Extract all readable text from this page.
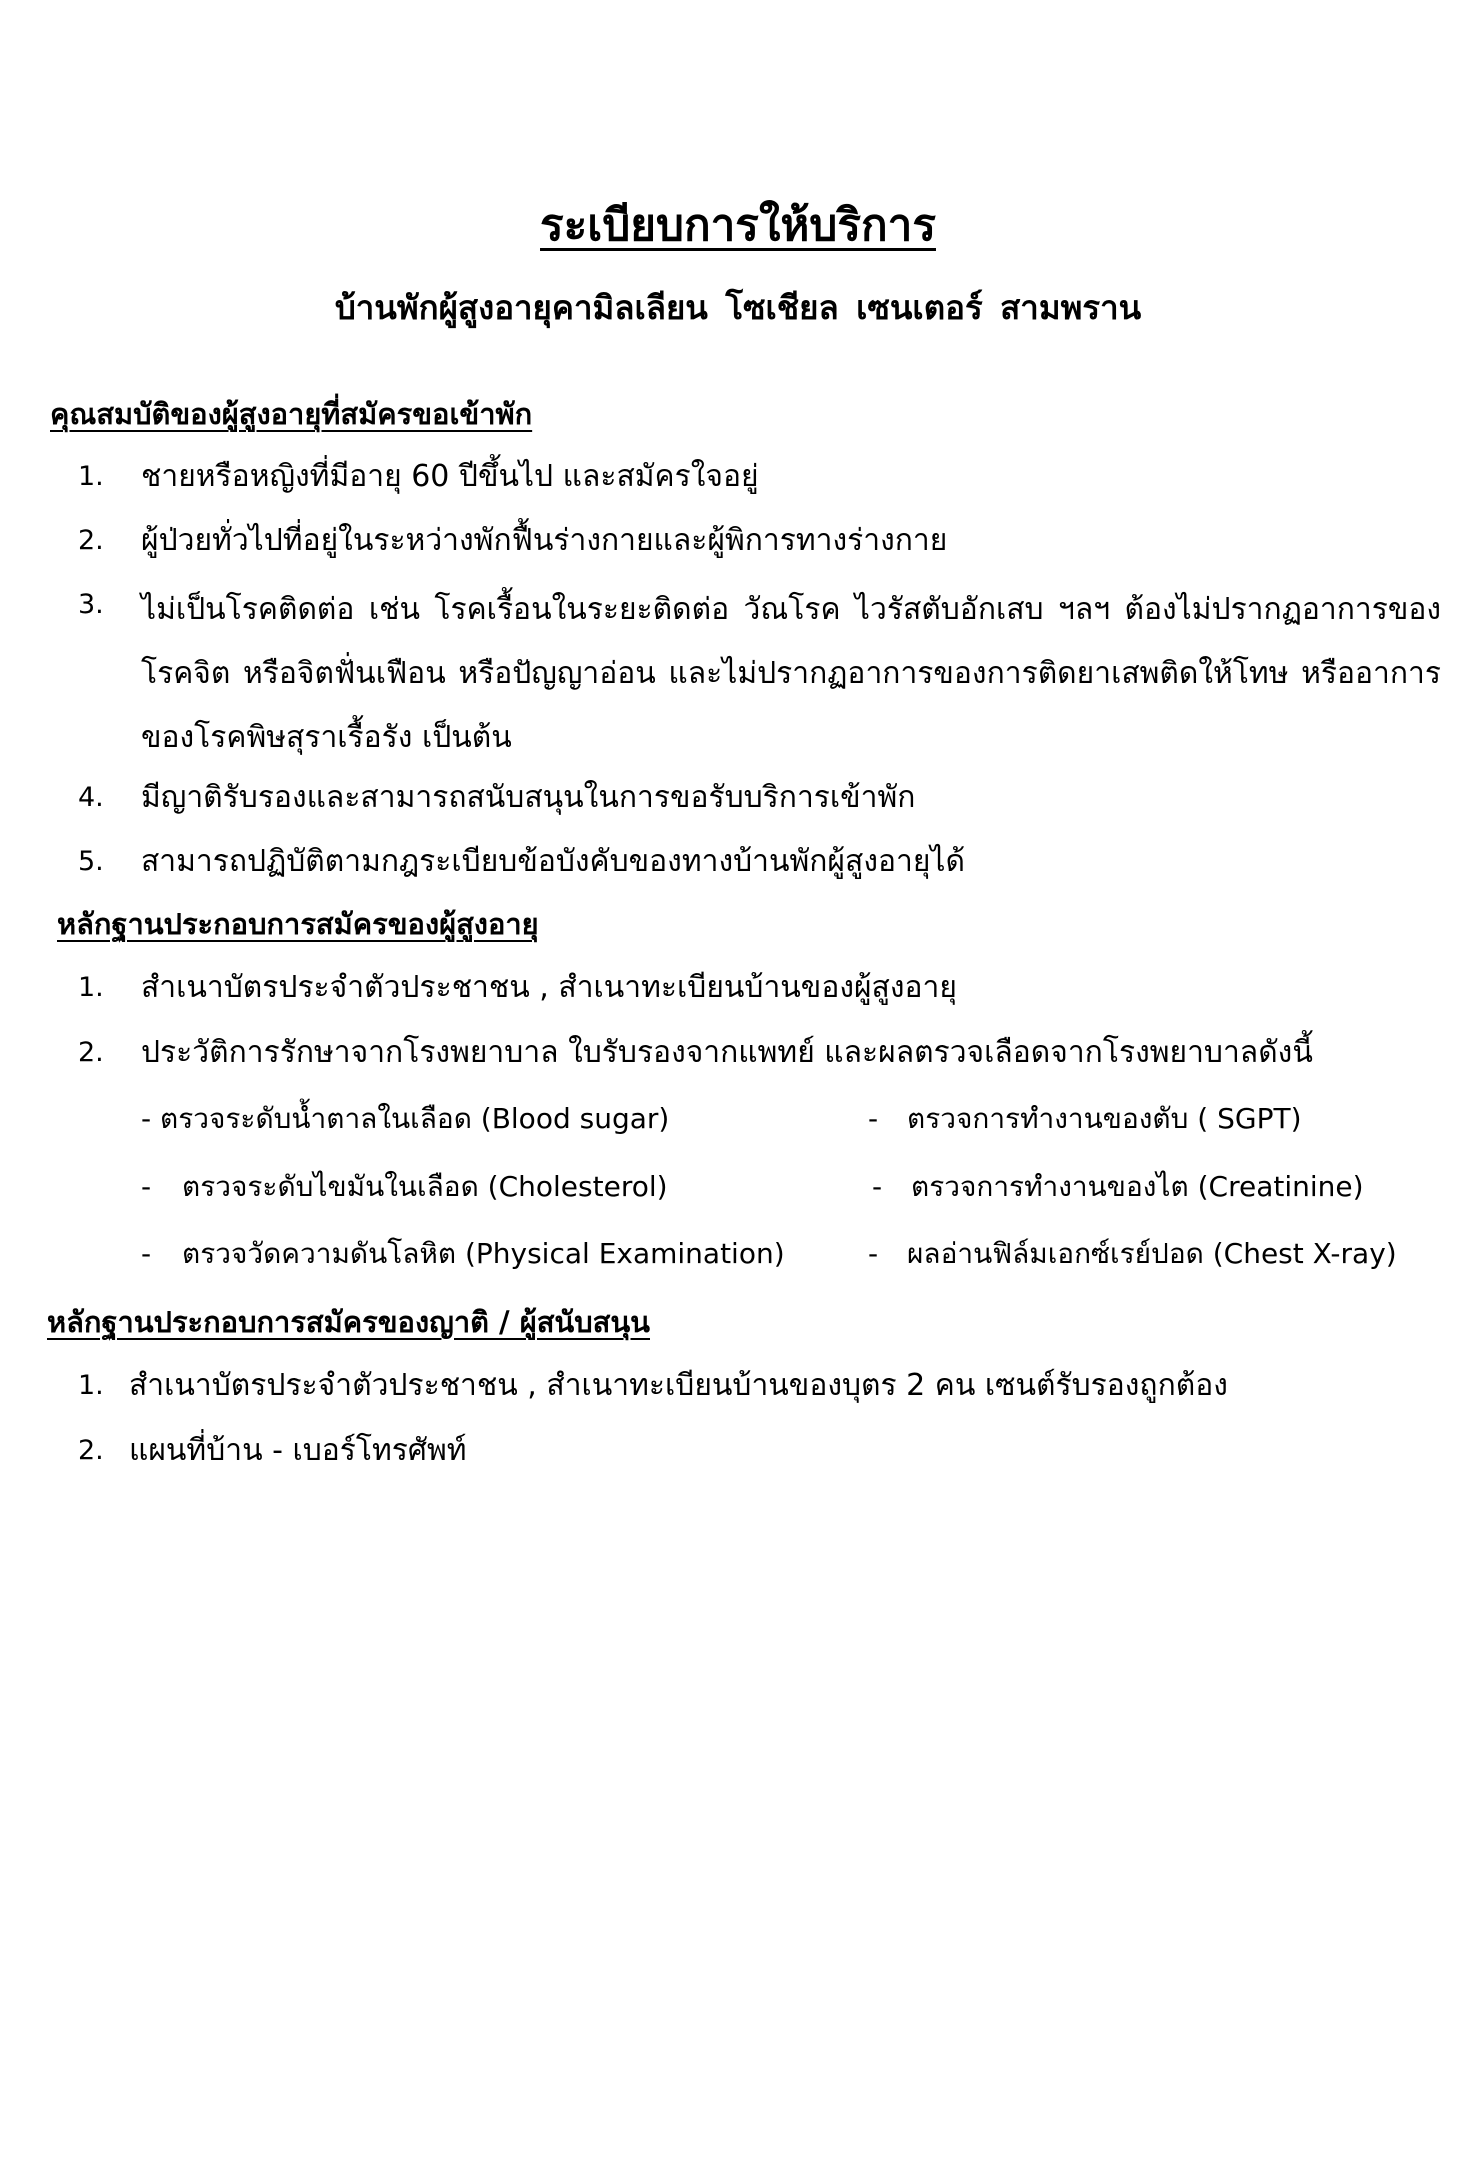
ระเบียบการให้บริการ
บ้านพักผู้สูงอายุคามิลเลียน โซเชียล เซนเตอร์ สามพราน
คุณสมบัติของผู้สูงอายุที่สมัครขอเข้าพัก
1. ชายหรือหญิงที่มีอายุ 60 ปีขึ้นไป และสมัครใจอยู่
2. ผู้ป่วยทั่วไปที่อยู่ในระหว่างพักฟื้นร่างกายและผู้พิการทางร่างกาย
3. ไม่เป็นโรคติดต่อ เช่น โรคเรื้อนในระยะติดต่อ วัณโรค ไวรัสตับอักเสบ ฯลฯ ต้องไม่ปรากฏอาการของโรคจิต หรือจิตฟั่นเฟือน หรือปัญญาอ่อน และไม่ปรากฏอาการของการติดยาเสพติดให้โทษ หรืออาการของโรคพิษสุราเรื้อรัง เป็นต้น
4. มีญาติรับรองและสามารถสนับสนุนในการขอรับบริการเข้าพัก
5. สามารถปฏิบัติตามกฎระเบียบข้อบังคับของทางบ้านพักผู้สูงอายุได้
หลักฐานประกอบการสมัครของผู้สูงอายุ
1. สำเนาบัตรประจำตัวประชาชน , สำเนาทะเบียนบ้านของผู้สูงอายุ
2. ประวัติการรักษาจากโรงพยาบาล ใบรับรองจากแพทย์ และผลตรวจเลือดจากโรงพยาบาลดังนี้
- ตรวจระดับน้ำตาลในเลือด (Blood sugar)	- ตรวจการทำงานของตับ ( SGPT)
- ตรวจระดับไขมันในเลือด (Cholesterol)	- ตรวจการทำงานของไต (Creatinine)
- ตรวจวัดความดันโลหิต (Physical Examination)	- ผลอ่านฟิล์มเอกซ์เรย์ปอด (Chest X-ray)
หลักฐานประกอบการสมัครของญาติ / ผู้สนับสนุน
1. สำเนาบัตรประจำตัวประชาชน , สำเนาทะเบียนบ้านของบุตร 2 คน เซนต์รับรองถูกต้อง
2. แผนที่บ้าน - เบอร์โทรศัพท์
